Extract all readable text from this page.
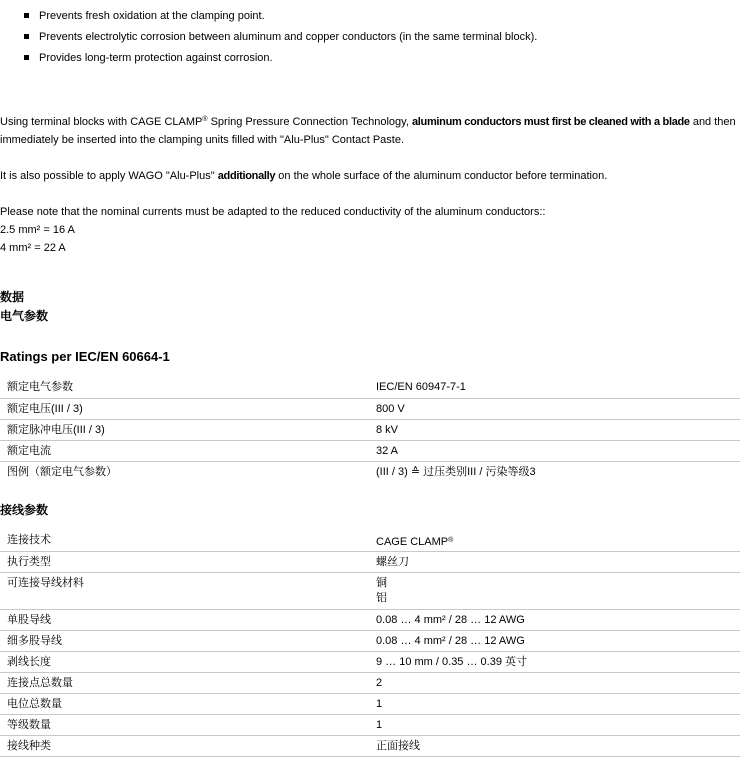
Prevents fresh oxidation at the clamping point.
Prevents electrolytic corrosion between aluminum and copper conductors (in the same terminal block).
Provides long-term protection against corrosion.

Using terminal blocks with CAGE CLAMP® Spring Pressure Connection Technology, aluminum conductors must first be cleaned with a blade and then
immediately be inserted into the clamping units filled with "Alu-Plus" Contact Paste.

It is also possible to apply WAGO "Alu-Plus" additionally on the whole surface of the aluminum conductor before termination.

Please note that the nominal currents must be adapted to the reduced conductivity of the aluminum conductors::
2.5 mm² = 16 A
4 mm² = 22 A

数据
电气参数
Ratings per IEC/EN 60664-1
额定电气参数	IEC/EN 60947-7-1

额定电压(III / 3)	800 V

额定脉冲电压(III / 3)	8 kV

额定电流	32 A

图例（额定电气参数）	(III / 3) ≙ 过压类别III / 污染等级3
接线参数
连接技术	CAGE CLAMP®

执行类型	螺丝刀

可连接导线材料	铜
铝

单股导线	0.08 … 4 mm² / 28 … 12 AWG

细多股导线	0.08 … 4 mm² / 28 … 12 AWG

剥线长度	9 … 10 mm / 0.35 … 0.39 英寸

连接点总数量	2

电位总数量	1

等级数量	1

接线种类	正面接线
